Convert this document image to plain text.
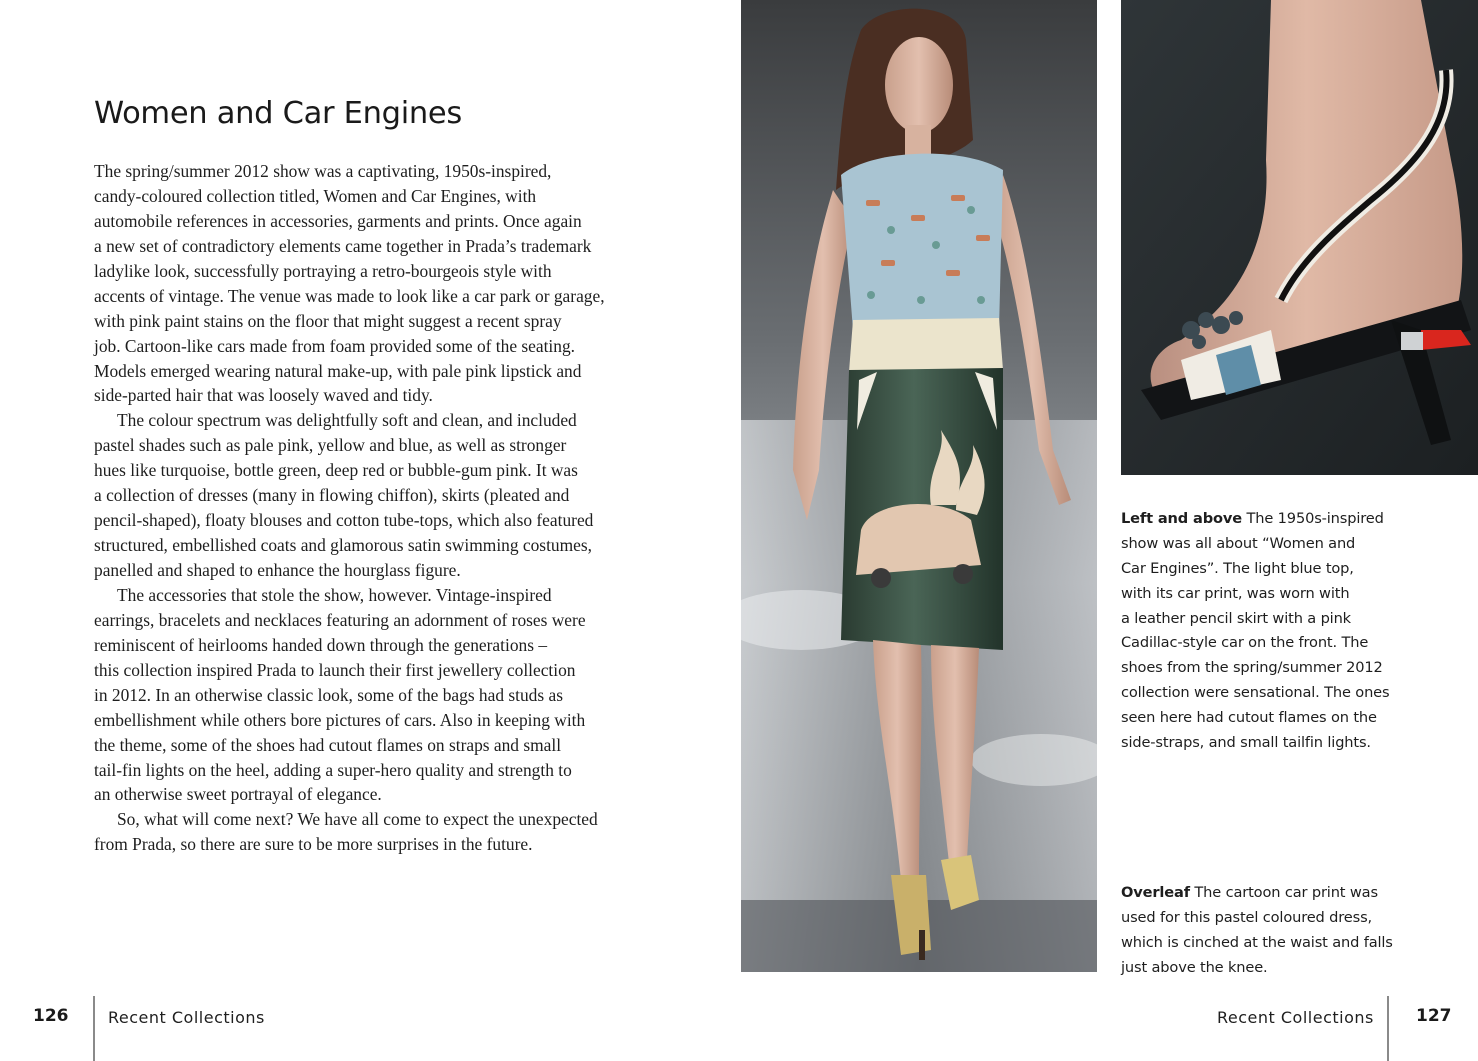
Women and Car Engines
The spring/summer 2012 show was a captivating, 1950s-inspired,
candy-coloured collection titled, Women and Car Engines, with
automobile references in accessories, garments and prints. Once again
a new set of contradictory elements came together in Prada’s trademark
ladylike look, successfully portraying a retro-bourgeois style with
accents of vintage. The venue was made to look like a car park or garage,
with pink paint stains on the floor that might suggest a recent spray
job. Cartoon-like cars made from foam provided some of the seating.
Models emerged wearing natural make-up, with pale pink lipstick and
side-parted hair that was loosely waved and tidy.
The colour spectrum was delightfully soft and clean, and included
pastel shades such as pale pink, yellow and blue, as well as stronger
hues like turquoise, bottle green, deep red or bubble-gum pink. It was
a collection of dresses (many in flowing chiffon), skirts (pleated and
pencil-shaped), floaty blouses and cotton tube-tops, which also featured
structured, embellished coats and glamorous satin swimming costumes,
panelled and shaped to enhance the hourglass figure.
The accessories that stole the show, however. Vintage-inspired
earrings, bracelets and necklaces featuring an adornment of roses were
reminiscent of heirlooms handed down through the generations –
this collection inspired Prada to launch their first jewellery collection
in 2012. In an otherwise classic look, some of the bags had studs as
embellishment while others bore pictures of cars. Also in keeping with
the theme, some of the shoes had cutout flames on straps and small
tail-fin lights on the heel, adding a super-hero quality and strength to
an otherwise sweet portrayal of elegance.
So, what will come next? We have all come to expect the unexpected
from Prada, so there are sure to be more surprises in the future.
Left and above The 1950s-inspired
show was all about “Women and
Car Engines”. The light blue top,
with its car print, was worn with
a leather pencil skirt with a pink
Cadillac-style car on the front. The
shoes from the spring/summer 2012
collection were sensational. The ones
seen here had cutout flames on the
side-straps, and small tailfin lights.
Overleaf The cartoon car print was
used for this pastel coloured dress,
which is cinched at the waist and falls
just above the knee.
126 Recent Collections	Recent Collections 127
